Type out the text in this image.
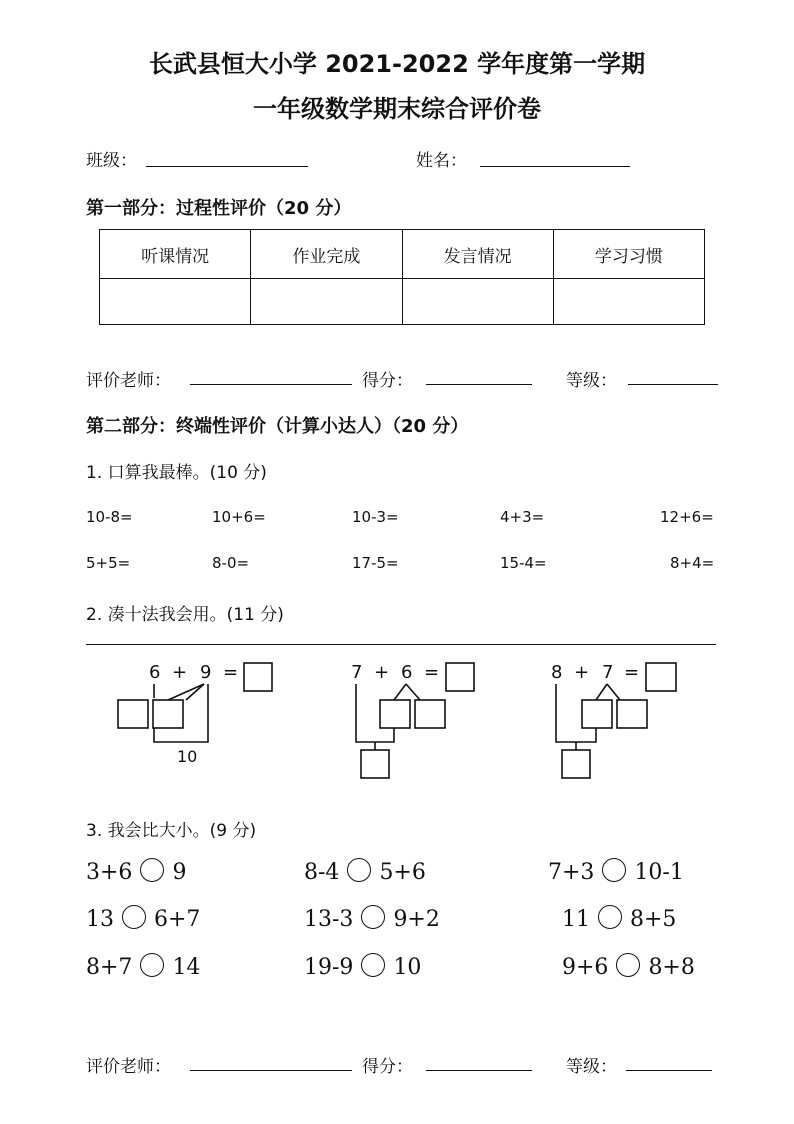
长武县恒大小学 2021-2022 学年度第一学期
一年级数学期末综合评价卷
班级：	姓名：
第一部分：过程性评价（20 分）
听课情况	作业完成	发言情况	学习习惯

评价老师：	得分：	等级：
第二部分：终端性评价（计算小达人）（20 分）
1. 口算我最棒。(10 分)
10-8=	10+6=	10-3=	4+3=	12+6=
5+5=	8-0=	17-5=	15-4=	8+4=
2. 凑十法我会用。(11 分)
6 + 9 =
10
7 + 6 =	8 + 7 =
3. 我会比大小。(9 分)
3+6 9	8-4 5+6	7+3 10-1
13 6+7	13-3 9+2	11 8+5
8+7 14	19-9 10	9+6 8+8
评价老师：	得分：	等级：
